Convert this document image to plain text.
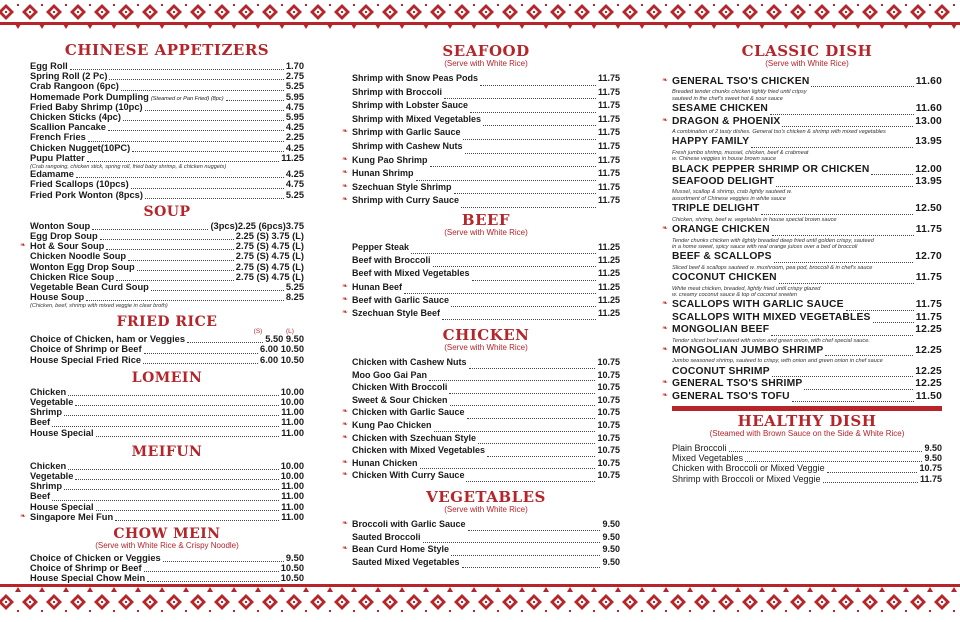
CHINESE APPETIZERS
Egg Roll	1.70
Spring Roll (2 Pc)	2.75
Crab Rangoon (6pc)	5.25
Homemade Pork Dumpling (Steamed or Pan Fried) (8pc)	5.95
Fried Baby Shrimp (10pc)	4.75
Chicken Sticks (4pc)	5.95
Scallion Pancake	4.25
French Fries	2.25
Chicken Nugget(10PC)	4.25
Pupu Platter	11.25
(Crab rangoing, chicken stick, spring roll, fried baby shrimp, & chicken nuggets)
Edamame	4.25
Fried Scallops (10pcs)	4.75
Fried Pork Wonton (8pcs)	5.25
SOUP
Wonton Soup	(3pcs)2.25 (6pcs)3.75
Egg Drop Soup	2.25 (S) 3.75 (L)
❧ Hot & Sour Soup	2.75 (S) 4.75 (L)
Chicken Noodle Soup	2.75 (S) 4.75 (L)
Wonton Egg Drop Soup	2.75 (S) 4.75 (L)
Chicken Rice Soup	2.75 (S) 4.75 (L)
Vegetable Bean Curd Soup	5.25
House Soup	8.25
(Chicken, beef, shrimp with mixed veggie in clear broth)
FRIED RICE
(S)	(L)
Choice of Chicken, ham or Veggies	5.50 9.50
Choice of Shrimp or Beef	6.00 10.50
House Special Fried Rice	6.00 10.50
LOMEIN
Chicken	10.00
Vegetable	10.00
Shrimp	11.00
Beef	11.00
House Special	11.00
MEIFUN
Chicken	10.00
Vegetable	10.00
Shrimp	11.00
Beef	11.00
House Special	11.00
❧ Singapore Mei Fun	11.00
CHOW MEIN
(Serve with White Rice & Crispy Noodle)
Choice of Chicken or Veggies	9.50
Choice of Shrimp or Beef	10.50
House Special Chow Mein	10.50
SEAFOOD
(Serve with White Rice)
Shrimp with Snow Peas Pods	11.75
Shrimp with Broccoli	11.75
Shrimp with Lobster Sauce	11.75
Shrimp with Mixed Vegetables	11.75
❧ Shrimp with Garlic Sauce	11.75
Shrimp with Cashew Nuts	11.75
❧ Kung Pao Shrimp	11.75
❧ Hunan Shrimp	11.75
❧ Szechuan Style Shrimp	11.75
❧ Shrimp with Curry Sauce	11.75
BEEF
(Serve with White Rice)
Pepper Steak	11.25
Beef with Broccoli	11.25
Beef with Mixed Vegetables	11.25
❧ Hunan Beef	11.25
❧ Beef with Garlic Sauce	11.25
❧ Szechuan Style Beef	11.25
CHICKEN
(Serve with White Rice)
Chicken with Cashew Nuts	10.75
Moo Goo Gai Pan	10.75
Chicken With Broccoli	10.75
Sweet & Sour Chicken	10.75
❧ Chicken with Garlic Sauce	10.75
❧ Kung Pao Chicken	10.75
❧ Chicken with Szechuan Style	10.75
Chicken with Mixed Vegetables	10.75
❧ Hunan Chicken	10.75
❧ Chicken With Curry Sauce	10.75
VEGETABLES
(Serve with White Rice)
❧ Broccoli with Garlic Sauce	9.50
Sauted Broccoli	9.50
❧ Bean Curd Home Style	9.50
Sauted Mixed Vegetables	9.50
CLASSIC DISH
(Serve with White Rice)
❧ GENERAL TSO'S CHICKEN	11.60
Breaded tender chunks chicken lightly fried until cripsy
sauteed in the chef's sweet hot & sour sauce
SESAME CHICKEN	11.60
❧ DRAGON & PHOENIX	13.00
A combination of 2 tasty dishes. General tso's chicken & shrimp with mixed vegetables
HAPPY FAMILY	13.95
Fresh jumbo shrimp, mussel, chicken, beef & crabmeat
w. Chinese veggies in house brown sauce
BLACK PEPPER SHRIMP OR CHICKEN	12.00
SEAFOOD DELIGHT	13.95
Mussel, scallop & shrimp, crab lightly sauteed w.
assortment of Chinese veggies in white sauce
TRIPLE DELIGHT	12.50
Chicken, shrimp, beef w. vegetables in house special brown sauce
❧ ORANGE CHICKEN	11.75
Tender chunks chicken with lightly breaded deep fried until golden crispy, sauteed
in a home sweet, spicy sauce with real orange juices over a bed of broccoli
BEEF & SCALLOPS	12.70
Sliced beef & scallops sauteed w. mushroom, pea pod, broccoli & in chef's sauce
COCONUT CHICKEN	11.75
White meat chicken, breaded, lightly fried until crispy glazed
w. creamy coconut sauce & top of coconut sreeten
❧ SCALLOPS WITH GARLIC SAUCE	11.75
SCALLOPS WITH MIXED VEGETABLES	11.75
❧ MONGOLIAN BEEF	12.25
Tender sliced beef sauteed with onion and green onion, with chef special sauce.
❧ MONGOLIAN JUMBO SHRIMP	12.25
Jumbo seasoned shrimp, sauteed to crispy, with onion and green onion in chef sauce
COCONUT SHRIMP	12.25
❧ GENERAL TSO'S SHRIMP	12.25
❧ GENERAL TSO'S TOFU	11.50
HEALTHY DISH
(Steamed with Brown Sauce on the Side & White Rice)
Plain Broccoli	9.50
Mixed Vegetables	9.50
Chicken with Broccoli or Mixed Veggie	10.75
Shrimp with Broccoli or Mixed Veggie	11.75
